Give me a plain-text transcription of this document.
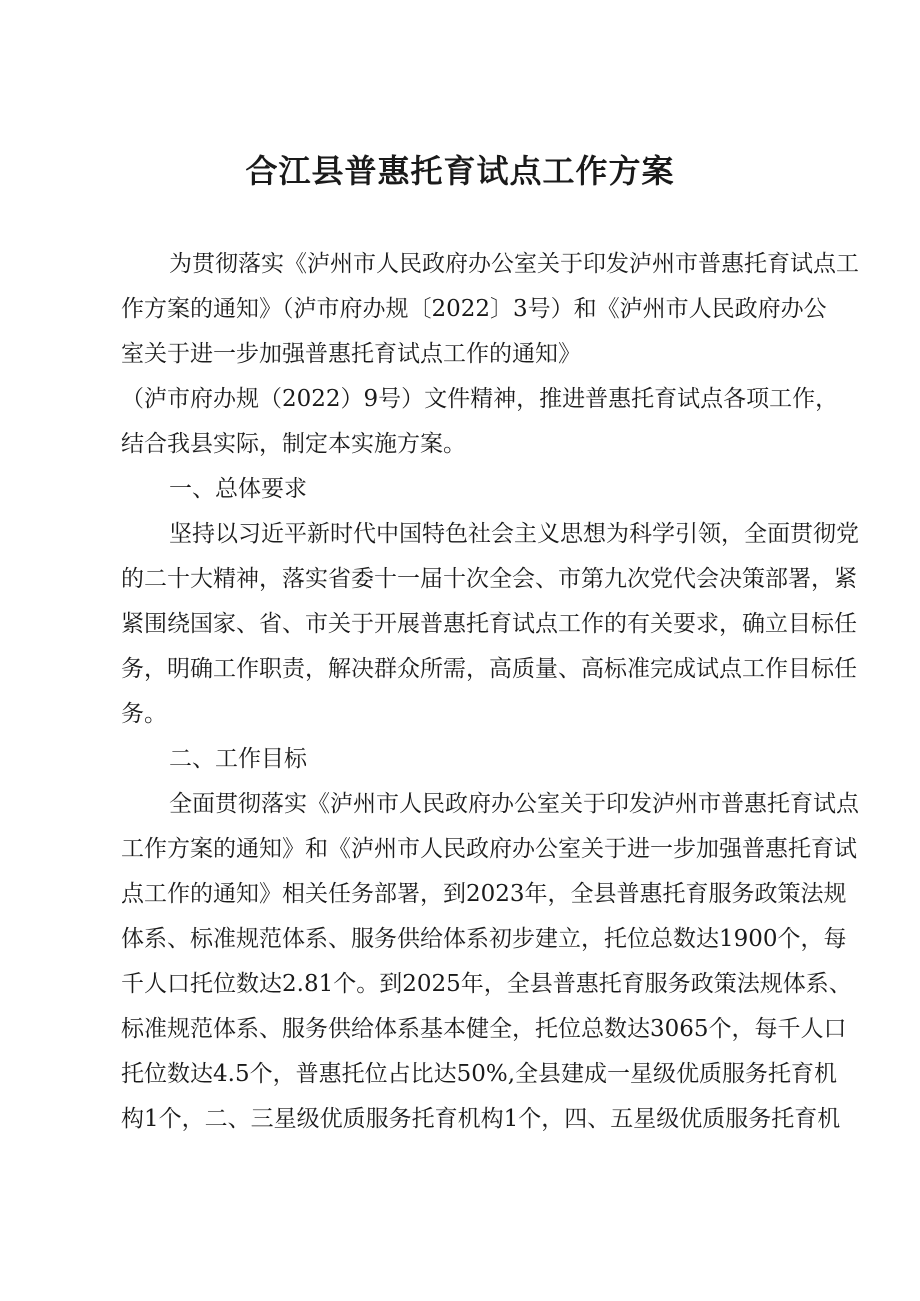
合江县普惠托育试点工作方案
为贯彻落实《泸州市人民政府办公室关于印发泸州市普惠托育试点工
作方案的通知》（泸市府办规〔2022〕3号）和《泸州市人民政府办公
室关于进一步加强普惠托育试点工作的通知》
（泸市府办规（2022）9号）文件精神，推进普惠托育试点各项工作，
结合我县实际，制定本实施方案。
一、总体要求
坚持以习近平新时代中国特色社会主义思想为科学引领，全面贯彻党
的二十大精神，落实省委十一届十次全会、市第九次党代会决策部署，紧
紧围绕国家、省、市关于开展普惠托育试点工作的有关要求，确立目标任
务，明确工作职责，解决群众所需，高质量、高标准完成试点工作目标任
务。
二、工作目标
全面贯彻落实《泸州市人民政府办公室关于印发泸州市普惠托育试点
工作方案的通知》和《泸州市人民政府办公室关于进一步加强普惠托育试
点工作的通知》相关任务部署，到2023年，全县普惠托育服务政策法规
体系、标准规范体系、服务供给体系初步建立，托位总数达1900个，每
千人口托位数达2.81个。到2025年，全县普惠托育服务政策法规体系、
标准规范体系、服务供给体系基本健全，托位总数达3065个，每千人口
托位数达4.5个，普惠托位占比达50%,全县建成一星级优质服务托育机
构1个，二、三星级优质服务托育机构1个，四、五星级优质服务托育机
